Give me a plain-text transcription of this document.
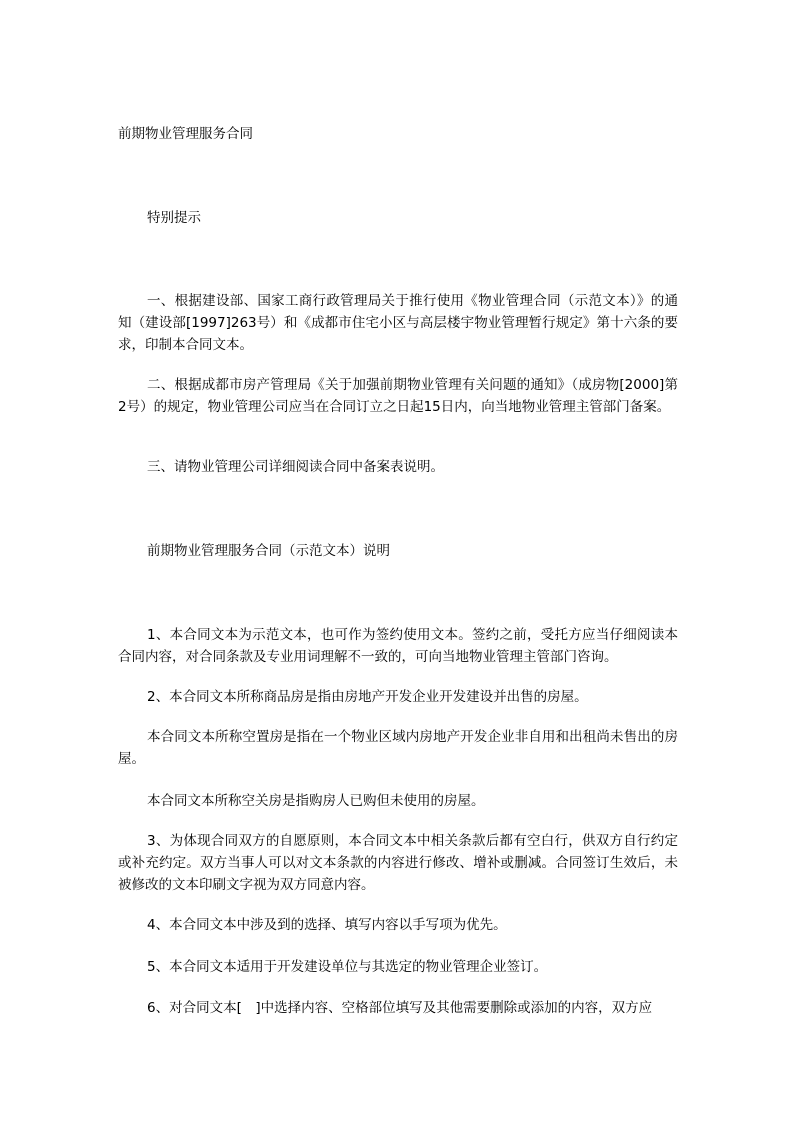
前期物业管理服务合同
特别提示
一、根据建设部、国家工商行政管理局关于推行使用《物业管理合同（示范文本）》的通知（建设部[1997]263号）和《成都市住宅小区与高层楼宇物业管理暂行规定》第十六条的要求，印制本合同文本。
二、根据成都市房产管理局《关于加强前期物业管理有关问题的通知》（成房物[2000]第2号）的规定，物业管理公司应当在合同订立之日起15日内，向当地物业管理主管部门备案。
三、请物业管理公司详细阅读合同中备案表说明。
前期物业管理服务合同（示范文本）说明
1、本合同文本为示范文本，也可作为签约使用文本。签约之前，受托方应当仔细阅读本合同内容，对合同条款及专业用词理解不一致的，可向当地物业管理主管部门咨询。
2、本合同文本所称商品房是指由房地产开发企业开发建设并出售的房屋。
本合同文本所称空置房是指在一个物业区域内房地产开发企业非自用和出租尚未售出的房屋。
本合同文本所称空关房是指购房人已购但未使用的房屋。
3、为体现合同双方的自愿原则，本合同文本中相关条款后都有空白行，供双方自行约定或补充约定。双方当事人可以对文本条款的内容进行修改、增补或删减。合同签订生效后，未被修改的文本印刷文字视为双方同意内容。
4、本合同文本中涉及到的选择、填写内容以手写项为优先。
5、本合同文本适用于开发建设单位与其选定的物业管理企业签订。
6、对合同文本[　]中选择内容、空格部位填写及其他需要删除或添加的内容，双方应
